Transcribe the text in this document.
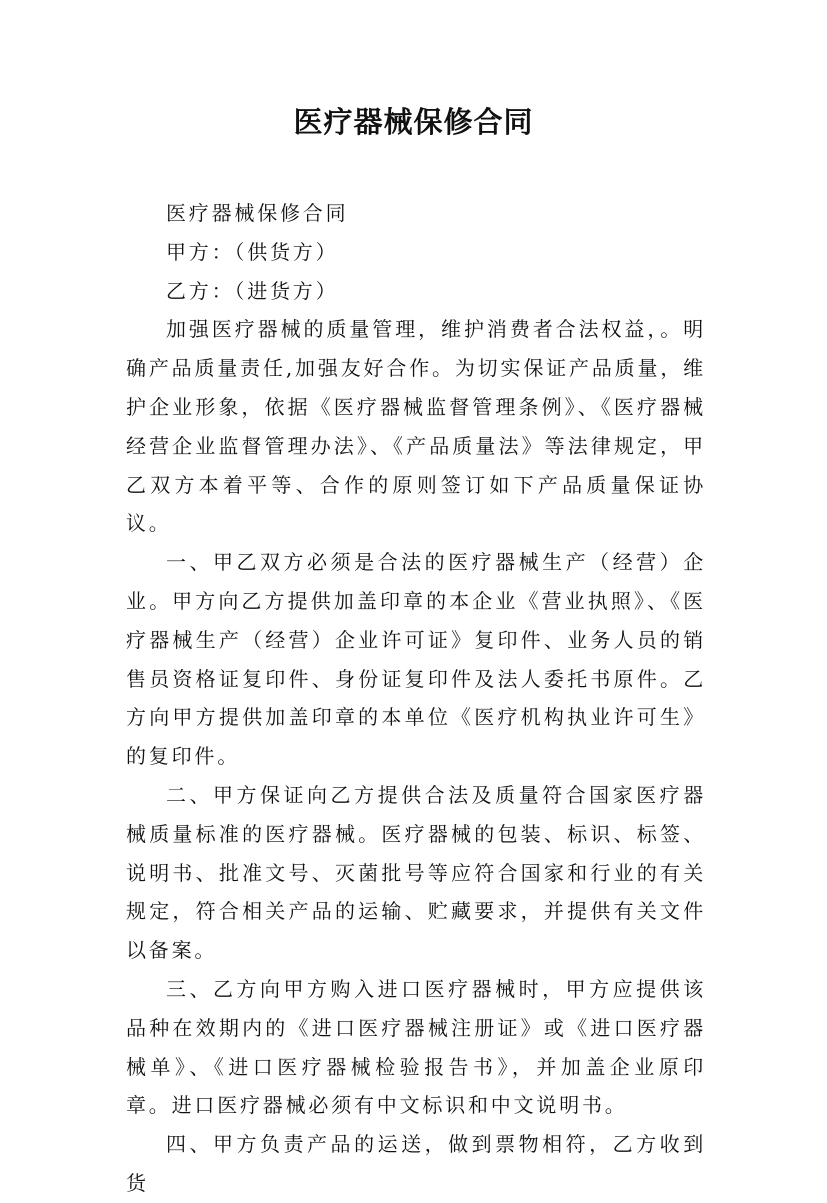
医疗器械保修合同

医疗器械保修合同

甲方：（供货方）

乙方：（进货方）

加强医疗器械的质量管理，维护消费者合法权益，。明确产品质量责任,加强友好合作。为切实保证产品质量，维护企业形象，依据《医疗器械监督管理条例》、《医疗器械经营企业监督管理办法》、《产品质量法》等法律规定，甲乙双方本着平等、合作的原则签订如下产品质量保证协议。

一、甲乙双方必须是合法的医疗器械生产（经营）企业。甲方向乙方提供加盖印章的本企业《营业执照》、《医疗器械生产（经营）企业许可证》复印件、业务人员的销售员资格证复印件、身份证复印件及法人委托书原件。乙方向甲方提供加盖印章的本单位《医疗机构执业许可生》的复印件。

二、甲方保证向乙方提供合法及质量符合国家医疗器械质量标准的医疗器械。医疗器械的包装、标识、标签、说明书、批准文号、灭菌批号等应符合国家和行业的有关规定，符合相关产品的运输、贮藏要求，并提供有关文件以备案。

三、乙方向甲方购入进口医疗器械时，甲方应提供该品种在效期内的《进口医疗器械注册证》或《进口医疗器械单》、《进口医疗器械检验报告书》，并加盖企业原印章。进口医疗器械必须有中文标识和中文说明书。

四、甲方负责产品的运送，做到票物相符，乙方收到货
